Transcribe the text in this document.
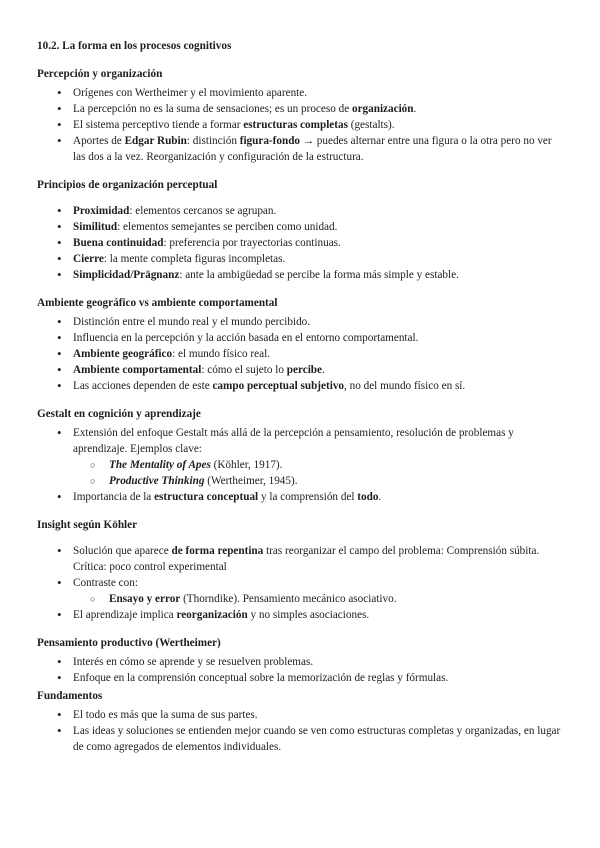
10.2. La forma en los procesos cognitivos
Percepción y organización
• Orígenes con Wertheimer y el movimiento aparente.
• La percepción no es la suma de sensaciones; es un proceso de organización.
• El sistema perceptivo tiende a formar estructuras completas (gestalts).
• Aportes de Edgar Rubin: distinción figura-fondo → puedes alternar entre una figura o la otra pero no ver las dos a la vez. Reorganización y configuración de la estructura.
Principios de organización perceptual
• Proximidad: elementos cercanos se agrupan.
• Similitud: elementos semejantes se perciben como unidad.
• Buena continuidad: preferencia por trayectorias continuas.
• Cierre: la mente completa figuras incompletas.
• Simplicidad/Prägnanz: ante la ambigüedad se percibe la forma más simple y estable.
Ambiente geográfico vs ambiente comportamental
• Distinción entre el mundo real y el mundo percibido.
• Influencia en la percepción y la acción basada en el entorno comportamental.
• Ambiente geográfico: el mundo físico real.
• Ambiente comportamental: cómo el sujeto lo percibe.
• Las acciones dependen de este campo perceptual subjetivo, no del mundo físico en sí.
Gestalt en cognición y aprendizaje
• Extensión del enfoque Gestalt más allá de la percepción a pensamiento, resolución de problemas y aprendizaje. Ejemplos clave:
○ The Mentality of Apes (Köhler, 1917).
○ Productive Thinking (Wertheimer, 1945).
• Importancia de la estructura conceptual y la comprensión del todo.
Insight según Köhler
• Solución que aparece de forma repentina tras reorganizar el campo del problema: Comprensión súbita. Crítica: poco control experimental
• Contraste con:
○ Ensayo y error (Thorndike). Pensamiento mecánico asociativo.
• El aprendizaje implica reorganización y no simples asociaciones.
Pensamiento productivo (Wertheimer)
• Interés en cómo se aprende y se resuelven problemas.
• Enfoque en la comprensión conceptual sobre la memorización de reglas y fórmulas.
Fundamentos
• El todo es más que la suma de sus partes.
• Las ideas y soluciones se entienden mejor cuando se ven como estructuras completas y organizadas, en lugar de como agregados de elementos individuales.
